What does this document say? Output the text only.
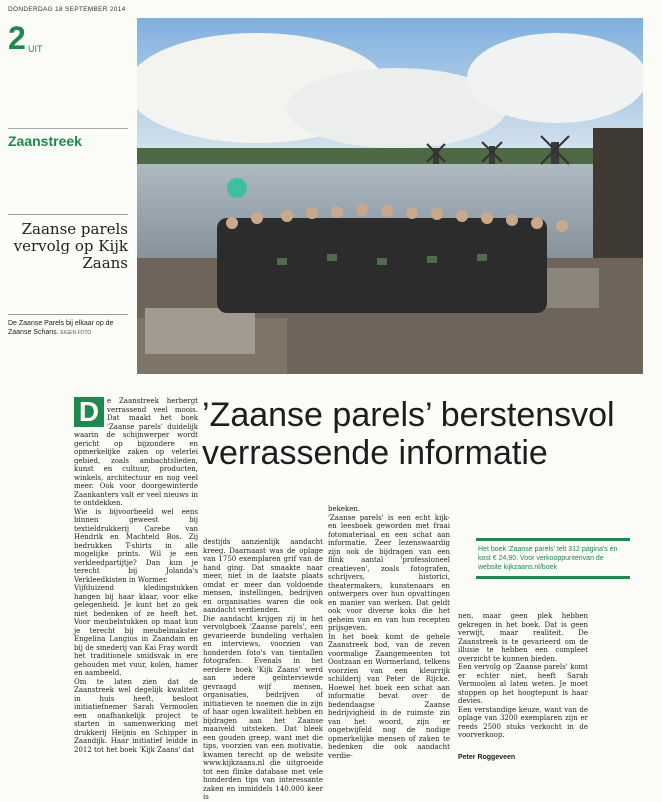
DONDERDAG 18 SEPTEMBER 2014
2 UIT
Zaanstreek
Zaanse parels vervolg op Kijk Zaans
De Zaanse Parels bij elkaar op de Zaanse Schans. EIGEN FOTO
’Zaanse parels’ berstensvol verrassende informatie
D	e Zaanstreek herbergt verrassend veel moois. Dat maakt het boek 'Zaanse parels' duidelijk waarin de schijnwerper wordt gericht op bijzondere en opmerkelijke zaken op velerlei gebied, zoals ambachtslieden, kunst en cultuur, producten, winkels, architectuur en nog veel meer. Ook voor doorgewinterde Zaankanters valt er veel nieuws in te ontdekken.

Wie is bijvoorbeeld wel eens binnen geweest bij textieldrukkerij Carebe van Hendrik en Machteld Bos. Zij bedrukken T-shirts in alle mogelijke prints. Wil je een verkleedpartijtje? Dan kun je terecht bij Jolanda's Verkleedkisten in Wormer.

Vijfduizend kledingstukken hangen bij haar klaar, voor elke gelegenheid. Je kunt het zo gek niet bedenken of ze heeft het. Voor meubelstukken op maat kun je terecht bij meubelmakster Engelina Langius in Zaandam en bij de smederij van Kai Fray wordt het traditionele smidsvak in ere gehouden met vuur, kolen, hamer en aambeeld.

Om te laten zien dat de Zaanstreek wel degelijk kwaliteit in huis heeft, besloot initiatiefnemer Sarah Vermoolen een onafhankelijk project te starten in samenwerking met drukkerij Heijnis en Schipper in Zaandijk. Haar initiatief leidde in 2012 tot het boek 'Kijk Zaans' dat

destijds aanzienlijk aandacht kreeg. Daarnaast was de oplage van 1750 exemplaren grif van de hand ging. Dat smaakte naar meer, niet in de laatste plaats omdat er meer dan voldoende mensen, instellingen, bedrijven en organisaties waren die ook aandacht verdienden.

Die aandacht krijgen zij in het vervolgboek 'Zaanse parels', een gevarieerde bundeling verhalen en interviews, voorzien van honderden foto's van tientallen fotografen. Evenals in het eerdere boek 'Kijk Zaans' werd aan iedere geïnterviewde gevraagd wijf mensen, organisaties, bedrijven of initiatieven te noemen die in zijn of haar ogen kwaliteit hebben en bijdragen aan het Zaanse maaiveld uitsteken. Dat bleek een gouden greep, want met die tips, voorzien van een motivatie, kwamen terecht op de website www.kijkzaans.nl die uitgroeide tot een flinke database met vele honderden tips van interessante zaken en inmiddels 140.000 keer is

bekeken.

'Zaanse parels' is een echt kijk- en leesboek geworden met fraai fotomateriaal en een schat aan informatie. Zeer lezenswaardig zijn ook de bijdragen van een flink aantal 'professioneel creatieven', zoals fotografen, schrijvers, historici, theatermakers, kunstenaars en ontwerpers over hun opvattingen en manier van werken. Dat geldt ook voor diverse koks die het geheim van en van hun recepten prijsgeven.

In het boek komt de gehele Zaanstreek bod, van de zeven voormalige Zaangemeenten tot Oostzaan en Wormerland, telkens voorzien van een kleurrijk schilderij van Peter de Rijcke. Hoewel het boek een schat aan informatie bevat over de bedendaagse Zaanse bedrijvigheid in de ruimste zin van het woord, zijn er ongetwijfeld nog de nodige opmerkelijke mensen of zaken te bedenken die ook aandacht verdie-

Het boek 'Zaanse parels' telt 312 pagina's en kost € 24,90. Voor verkooppuntenvan de website kijkzaans.nl/boek

nen, maar geen plek hebben gekregen in het boek. Dat is geen verwijt, maar realiteit. De Zaanstreek is te gevarieerd om de illusie te hebben een compleet overzicht te kunnen bieden.

Een vervolg op 'Zaanse parels' komt er echter niet, heeft Sarah Vermoolen al laten weten. Je moet stoppen op het hoogtepunt is haar devies.

Een verstandige keuze, want van de oplage van 3200 exemplaren zijn er reeds 2500 stuks verkocht in de voorverkoop.

Peter Roggeveen
